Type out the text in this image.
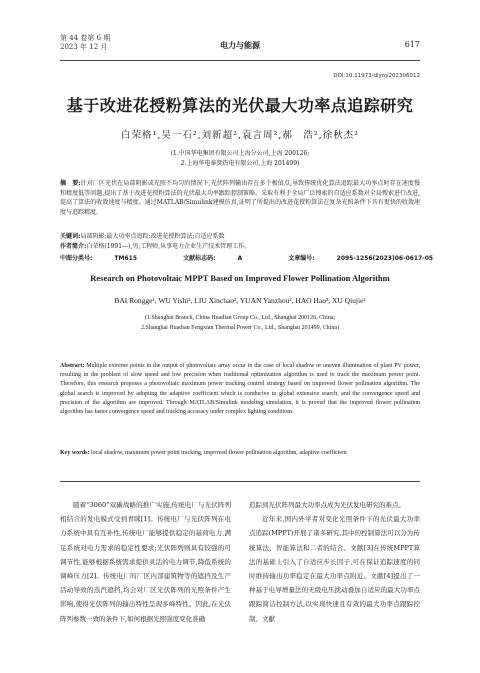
第 44 卷第 6 期
2023 年 12 月	电力与能源	617
DOI:10.11973/dlyny202306012
基于改进花授粉算法的光伏最大功率点追踪研究
白荣格¹,吴一石²,刘新超²,袁言周²,郝　浩²,徐秋杰²
(1.中国华电集团有限公司上海分公司,上海 200126;
2.上海华电奉贤热电有限公司,上海 201499)
摘　要:针对厂区光伏在局部阴影或光照不均匀的情况下,光伏阵列输出存在多个极值点,导致传统优化算法追踪最大功率点时存在速度慢和精度低等问题,提出了基于改进花授粉算法的光伏最大功率跟踪控制策略。采取有利于全局广泛搜索的自适应系数对全局搜索进行改进,提高了算法的收敛速度与精度。通过MATLAB/Simulink建模仿真,证明了所提出的改进花授粉算法在复杂光照条件下具有更快的收敛速度与追踪精度。
关键词:局部阴影;最大功率点追踪;改进花授粉算法;自适应系数
作者简介:白荣格(1991—),男,工程师,从事电力企业生产技术管理工作。
中图分类号:	TM615	文献标志码:	A	文章编号:	2095-1256(2023)06-0617-05
Research on Photovoltaic MPPT Based on Improved Flower Pollination Algorithm
BAI Rongge¹, WU Yishi², LIU Xinchao², YUAN Yanzhou², HAO Hao², XU Qiujie²
(1.Shanghai Branch, China Huadian Group Co., Ltd., Shanghai 200126, China;
2.Shanghai Huadian Fengxian Thermal Power Co., Ltd., Shanghai 201499, China)
Abstract: Multiple extreme points in the output of photovoltaic array occur in the case of local shadow or uneven illumination of plant PV power, resulting in the problem of slow speed and low precision when traditional optimization algorithm is used to track the maximum power point. Therefore, this research proposes a photovoltaic maximum power tracking control strategy based on improved flower pollination algorithm. The global search is improved by adopting the adaptive coefficient which is conducive to global extensive search, and the convergence speed and precision of the algorithm are improved. Through MATLAB/Simulink modeling simulation, it is proved that the improved flower pollination algorithm has faster convergence speed and tracking accuracy under complex lighting conditions.
Key words: local shadow, maximum power point tracking, improved flower pollination algorithm, adaptive coefficient

随着“3060”双碳战略的推广实施,传统电厂与光伏阵列相结合的发电模式受到青睐[1]。传统电厂与光伏阵列在电力系统中具有互补性,传统电厂能够提供稳定的基荷电力,满足系统对电力需求的稳定性要求;光伏阵列则具有较强的可调节性,能够根据系统需求提供灵活的电力调节,降低系统的调峰压力[2]。传统电厂的厂区内部建筑物等的遮挡及生产活动导致的蒸汽遮挡,均会对厂区光伏阵列的光照条件产生影响,使得光伏阵列的输出特性呈现多峰特性。因此,在光伏阵列参数一致的条件下,如何根据光照强度变化准确

追踪到光伏阵列最大功率点成为光伏发电研究的难点。

近年来,国内外学者对变化光照条件下的光伏最大功率点追踪(MPPT)开展了诸多研究,其中的控制算法可以分为传统算法、智能算法和二者的结合。文献[3]在传统MPPT算法的基础上引入了自适应步长因子,可在保证追踪速度的同时维持输出功率稳定在最大功率点附近。文献[4]提出了一种基于电导增量法的无级电压扰动叠加自适应的最大功率点跟踪简洁控制方法,以实现快速且有效的最大功率点跟踪控制。文献
